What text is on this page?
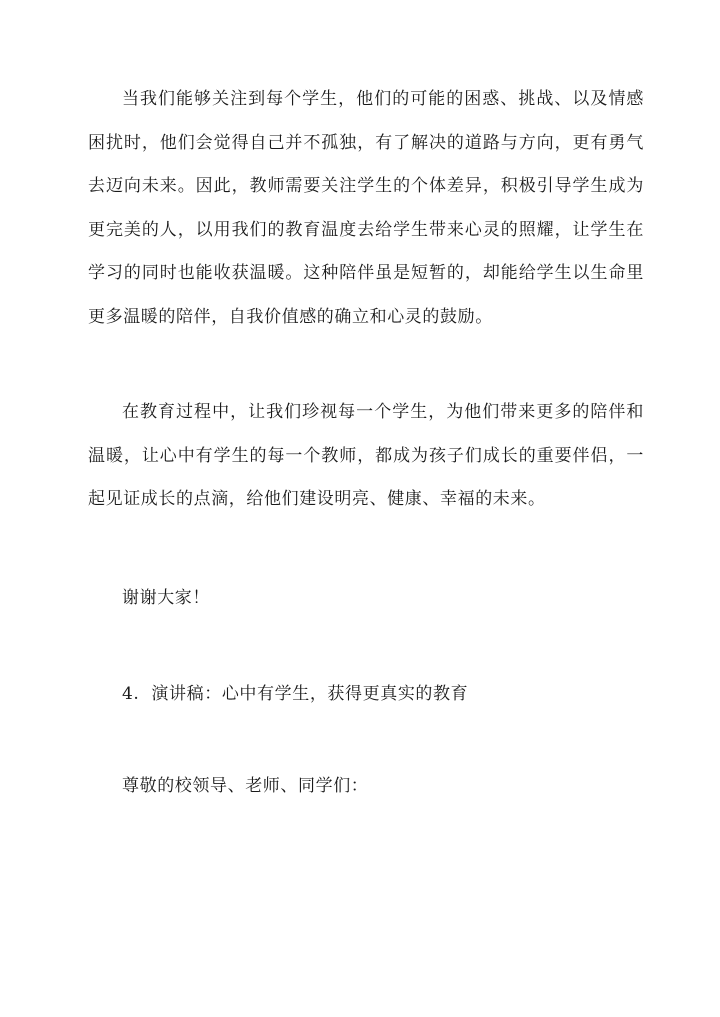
当我们能够关注到每个学生，他们的可能的困惑、挑战、以及情感困扰时，他们会觉得自己并不孤独，有了解决的道路与方向，更有勇气去迈向未来。因此，教师需要关注学生的个体差异，积极引导学生成为更完美的人，以用我们的教育温度去给学生带来心灵的照耀，让学生在学习的同时也能收获温暖。这种陪伴虽是短暂的，却能给学生以生命里更多温暖的陪伴，自我价值感的确立和心灵的鼓励。

在教育过程中，让我们珍视每一个学生，为他们带来更多的陪伴和温暖，让心中有学生的每一个教师，都成为孩子们成长的重要伴侣，一起见证成长的点滴，给他们建设明亮、健康、幸福的未来。

谢谢大家！

4. 演讲稿：心中有学生，获得更真实的教育

尊敬的校领导、老师、同学们：
